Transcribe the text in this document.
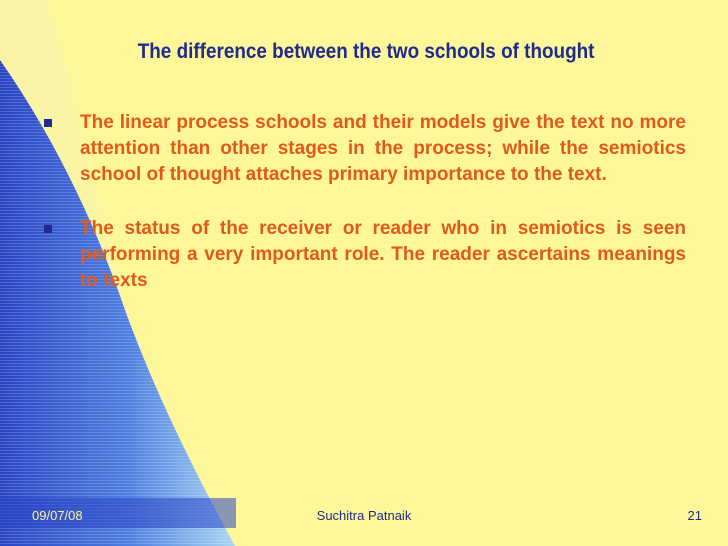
The difference between the two schools of thought
The linear process schools and their models give the text no more attention than other stages in the process; while the semiotics school of thought attaches primary importance to the text.
The status of the receiver or reader who in semiotics is seen performing a very important role. The reader ascertains meanings to texts
09/07/08	Suchitra Patnaik	21
